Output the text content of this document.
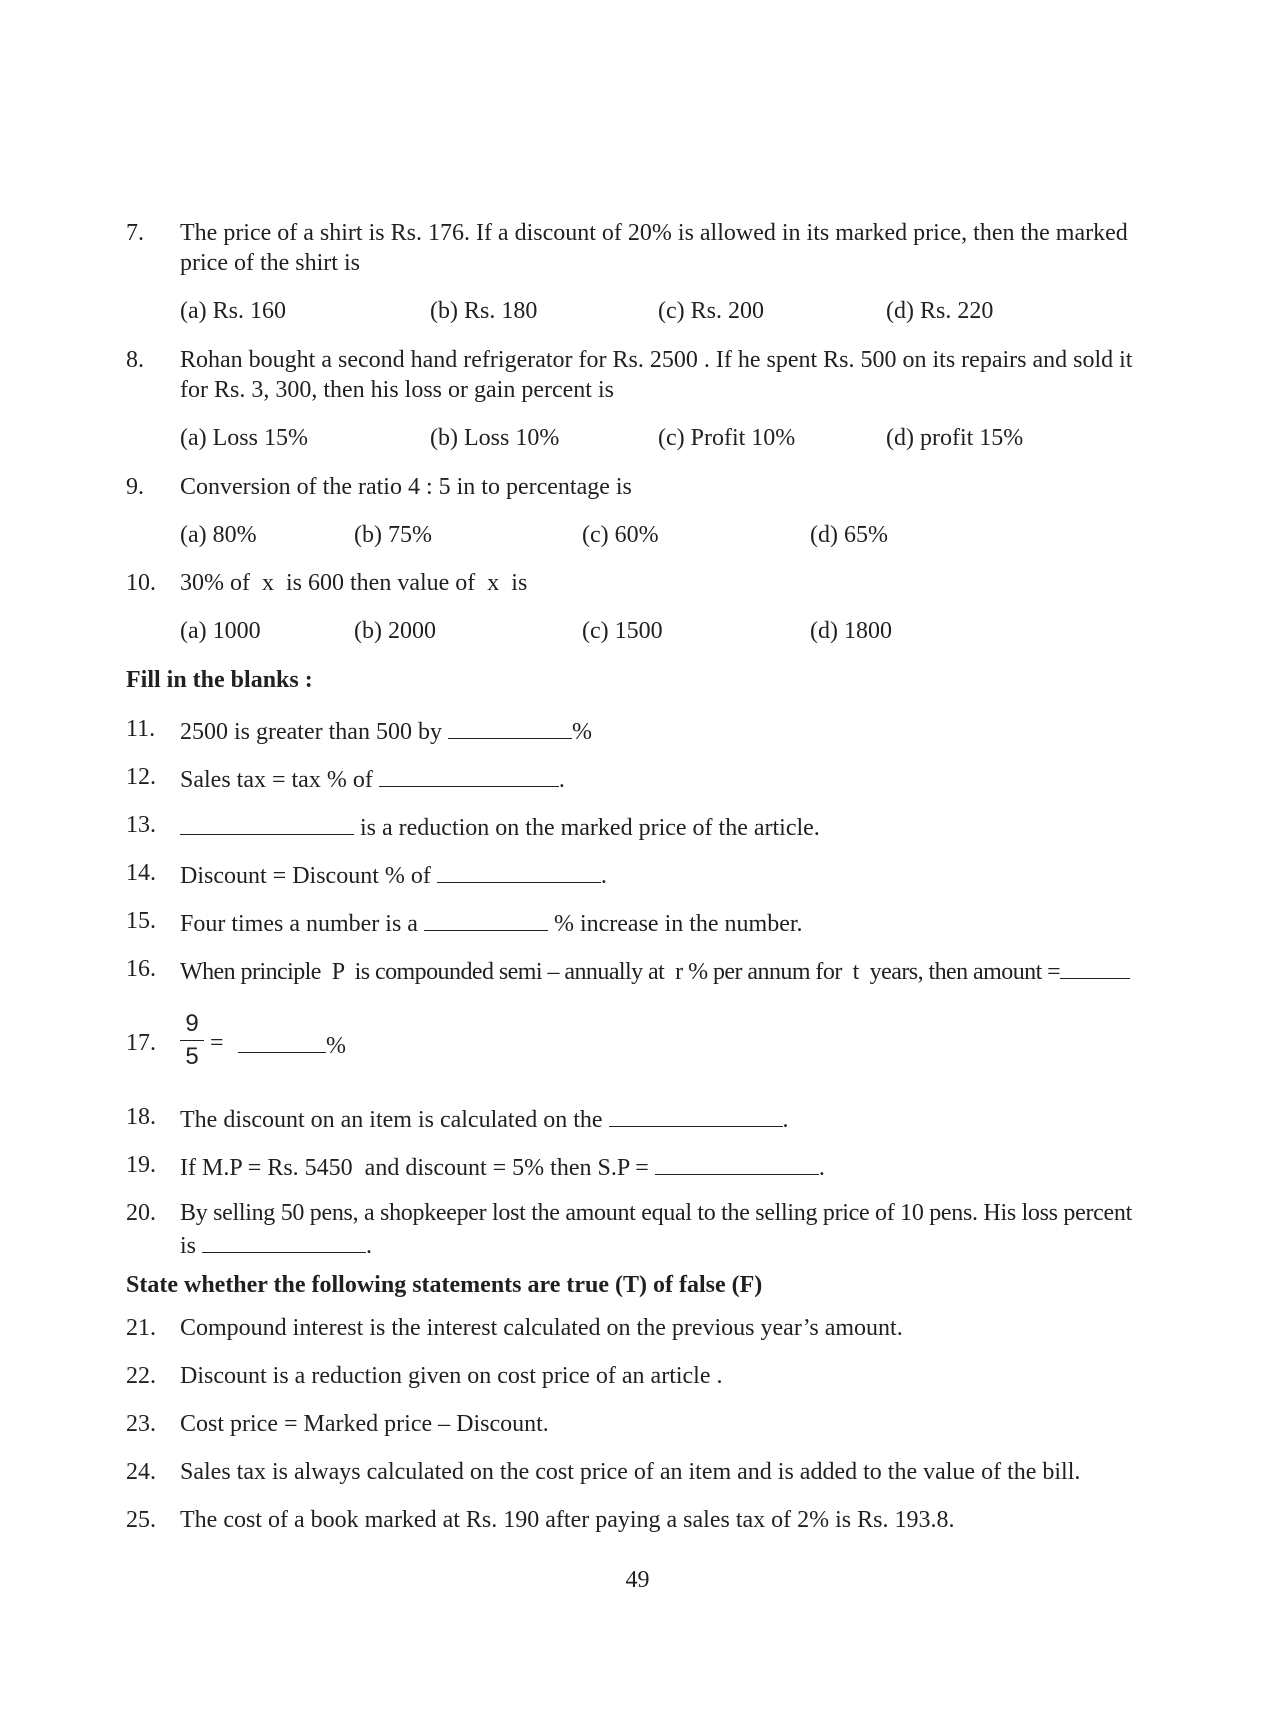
7. The price of a shirt is Rs. 176. If a discount of 20% is allowed in its marked price, then the marked
price of the shirt is
(a) Rs. 160	(b) Rs. 180	(c) Rs. 200	(d) Rs. 220
8. Rohan bought a second hand refrigerator for Rs. 2500 . If he spent Rs. 500 on its repairs and sold it
for Rs. 3, 300, then his loss or gain percent is
(a) Loss 15%	(b) Loss 10%	(c) Profit 10%	(d) profit 15%
9. Conversion of the ratio 4 : 5 in to percentage is
(a) 80%	(b) 75%	(c) 60%	(d) 65%
10. 30% of  x  is 600 then value of  x  is
(a) 1000	(b) 2000	(c) 1500	(d) 1800
Fill in the blanks :
11. 2500 is greater than 500 by	%
12. Sales tax = tax % of	.
13.	is a reduction on the marked price of the article.
14. Discount = Discount % of	.
15. Four times a number is a	% increase in the number.
16. When principle  P  is compounded semi – annually at  r % per annum for  t  years, then amount =
17.
9
5 =	%
18. The discount on an item is calculated on the	.
19. If M.P = Rs. 5450  and discount = 5% then S.P =	.
20. By selling 50 pens, a shopkeeper lost the amount equal to the selling price of 10 pens. His loss percent
is	.
State whether the following statements are true (T) of false (F)
21. Compound interest is the interest calculated on the previous year’s amount.
22. Discount is a reduction given on cost price of an article .
23. Cost price = Marked price – Discount.
24. Sales tax is always calculated on the cost price of an item and is added to the value of the bill.
25. The cost of a book marked at Rs. 190 after paying a sales tax of 2% is Rs. 193.8.
49
